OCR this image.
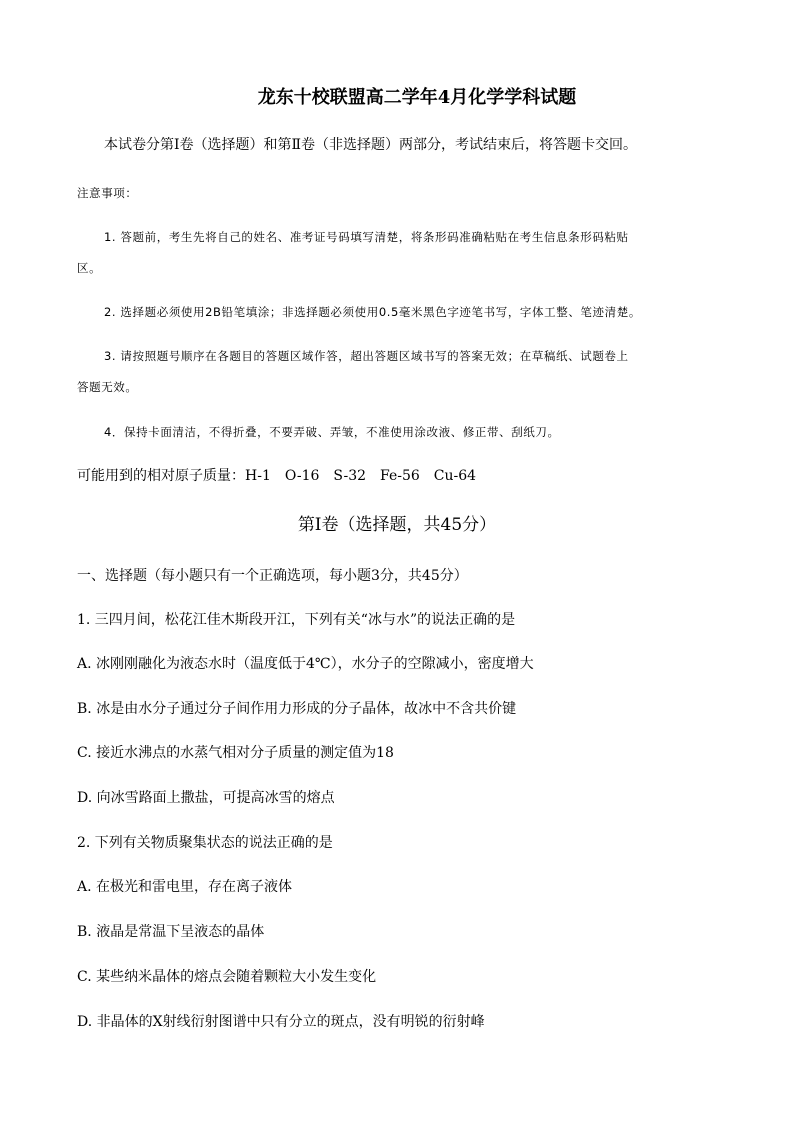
龙东十校联盟高二学年4月化学学科试题
本试卷分第Ⅰ卷（选择题）和第Ⅱ卷（非选择题）两部分，考试结束后，将答题卡交回。
注意事项：
1. 答题前，考生先将自己的姓名、准考证号码填写清楚，将条形码准确粘贴在考生信息条形码粘贴
区。
2. 选择题必须使用2B铅笔填涂；非选择题必须使用0.5毫米黑色字迹笔书写，字体工整、笔迹清楚。
3. 请按照题号顺序在各题目的答题区域作答，超出答题区域书写的答案无效；在草稿纸、试题卷上
答题无效。
4．保持卡面清洁，不得折叠，不要弄破、弄皱，不准使用涂改液、修正带、刮纸刀。
可能用到的相对原子质量：H-1　O-16　S-32　Fe-56　Cu-64
第Ⅰ卷（选择题，共45分）
一、选择题（每小题只有一个正确选项，每小题3分，共45分）
1. 三四月间，松花江佳木斯段开江，下列有关“冰与水”的说法正确的是
A. 冰刚刚融化为液态水时（温度低于4℃），水分子的空隙减小，密度增大
B. 冰是由水分子通过分子间作用力形成的分子晶体，故冰中不含共价键
C. 接近水沸点的水蒸气相对分子质量的测定值为18
D. 向冰雪路面上撒盐，可提高冰雪的熔点
2. 下列有关物质聚集状态的说法正确的是
A. 在极光和雷电里，存在离子液体
B. 液晶是常温下呈液态的晶体
C. 某些纳米晶体的熔点会随着颗粒大小发生变化
D. 非晶体的X射线衍射图谱中只有分立的斑点，没有明锐的衍射峰
